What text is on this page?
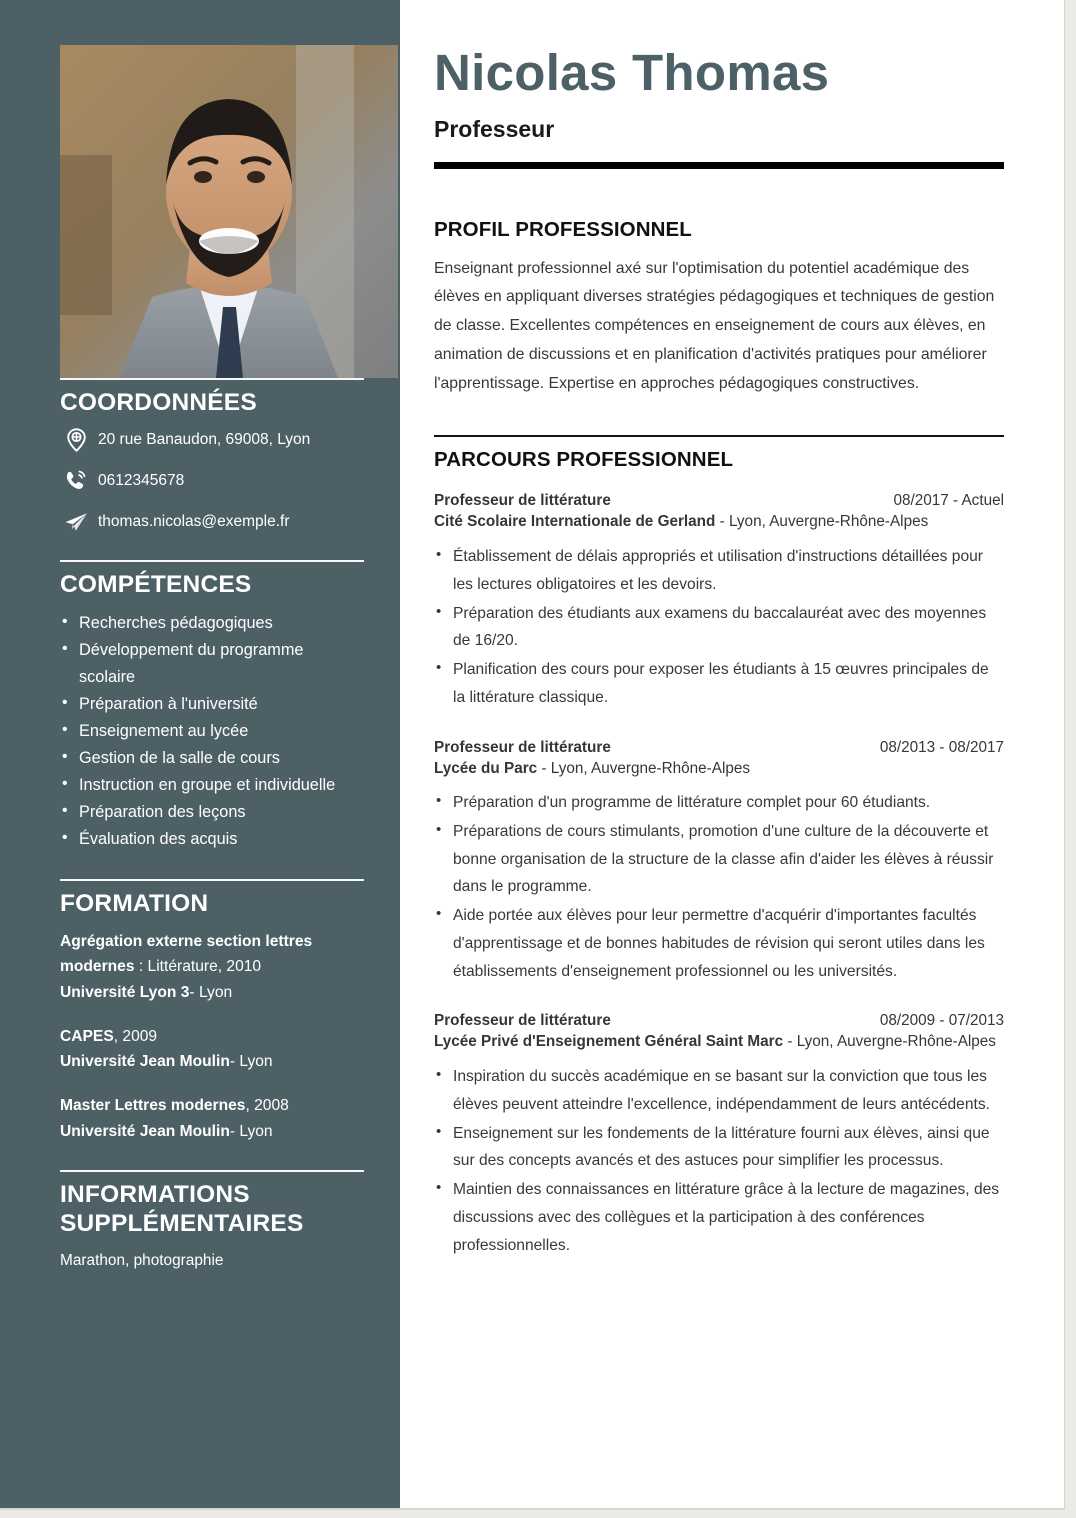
COORDONNÉES
20 rue Banaudon, 69008, Lyon
0612345678
thomas.nicolas@exemple.fr
COMPÉTENCES
• Recherches pédagogiques
• Développement du programme scolaire
• Préparation à l'université
• Enseignement au lycée
• Gestion de la salle de cours
• Instruction en groupe et individuelle
• Préparation des leçons
• Évaluation des acquis
FORMATION
Agrégation externe section lettres modernes : Littérature, 2010
Université Lyon 3- Lyon
CAPES, 2009
Université Jean Moulin- Lyon
Master Lettres modernes, 2008
Université Jean Moulin- Lyon
INFORMATIONS
SUPPLÉMENTAIRES

Marathon, photographie

Nicolas Thomas
Professeur
PROFIL PROFESSIONNEL

Enseignant professionnel axé sur l'optimisation du potentiel académique des élèves en appliquant diverses stratégies pédagogiques et techniques de gestion de classe. Excellentes compétences en enseignement de cours aux élèves, en animation de discussions et en planification d'activités pratiques pour améliorer l'apprentissage. Expertise en approches pédagogiques constructives.

PARCOURS PROFESSIONNEL
Professeur de littérature	08/2017 - Actuel
Cité Scolaire Internationale de Gerland - Lyon, Auvergne-Rhône-Alpes
• Établissement de délais appropriés et utilisation d'instructions détaillées pour les lectures obligatoires et les devoirs.
• Préparation des étudiants aux examens du baccalauréat avec des moyennes de 16/20.
• Planification des cours pour exposer les étudiants à 15 œuvres principales de la littérature classique.
Professeur de littérature	08/2013 - 08/2017
Lycée du Parc - Lyon, Auvergne-Rhône-Alpes
• Préparation d'un programme de littérature complet pour 60 étudiants.
• Préparations de cours stimulants, promotion d'une culture de la découverte et bonne organisation de la structure de la classe afin d'aider les élèves à réussir dans le programme.
• Aide portée aux élèves pour leur permettre d'acquérir d'importantes facultés d'apprentissage et de bonnes habitudes de révision qui seront utiles dans les établissements d'enseignement professionnel ou les universités.
Professeur de littérature	08/2009 - 07/2013
Lycée Privé d'Enseignement Général Saint Marc - Lyon, Auvergne-Rhône-Alpes
• Inspiration du succès académique en se basant sur la conviction que tous les élèves peuvent atteindre l'excellence, indépendamment de leurs antécédents.
• Enseignement sur les fondements de la littérature fourni aux élèves, ainsi que sur des concepts avancés et des astuces pour simplifier les processus.
• Maintien des connaissances en littérature grâce à la lecture de magazines, des discussions avec des collègues et la participation à des conférences professionnelles.
